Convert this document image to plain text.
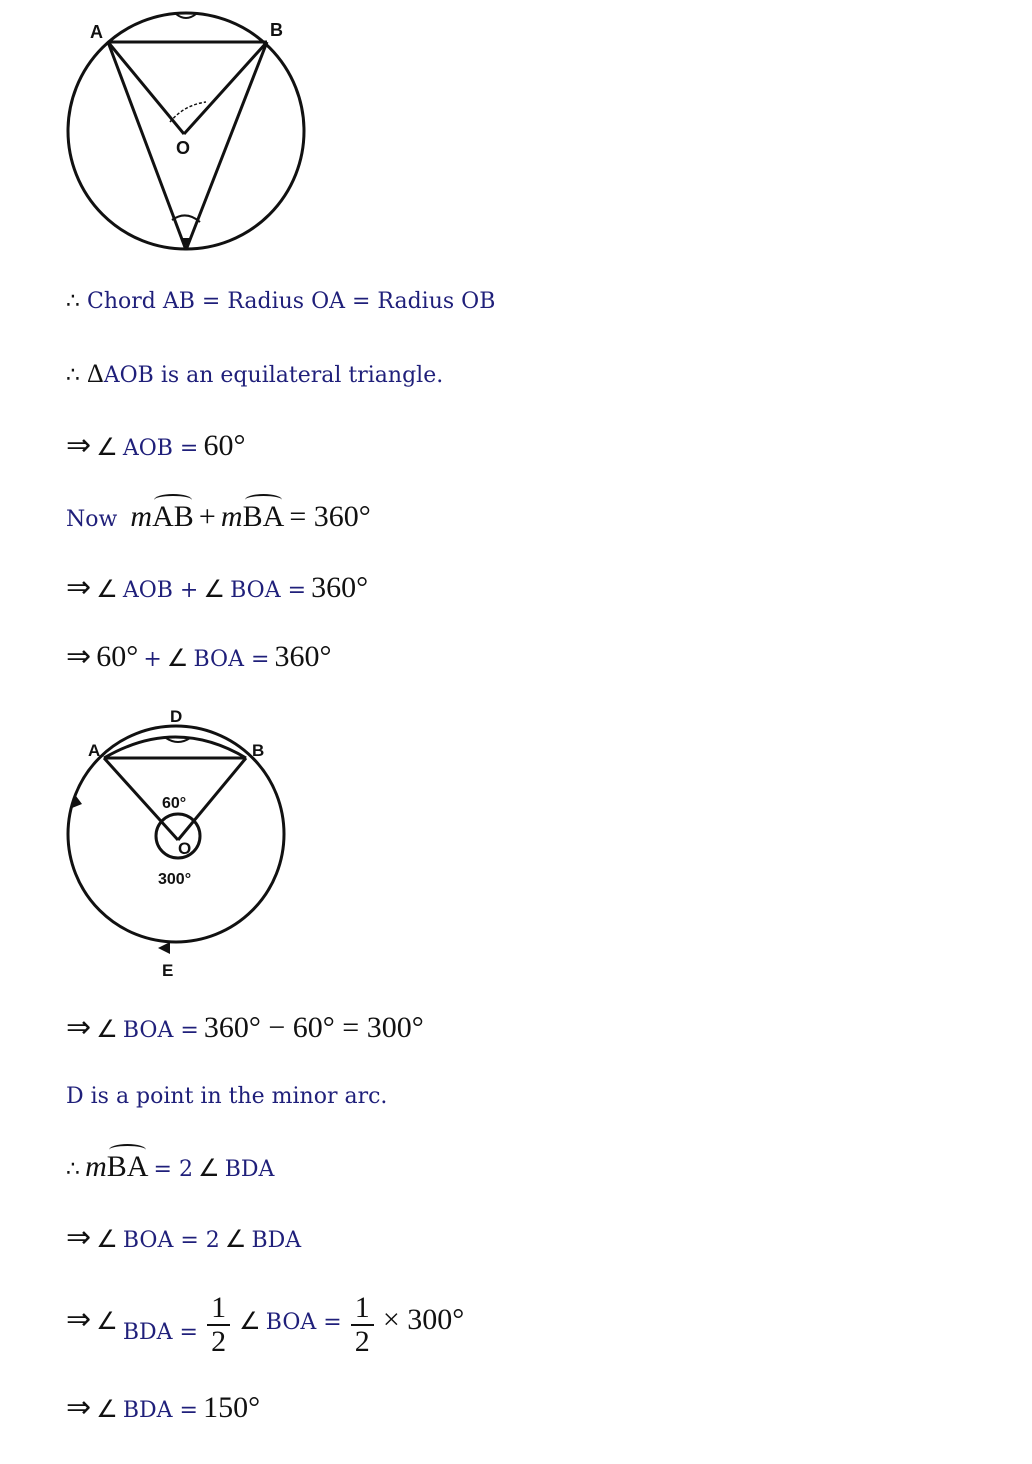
A	B
O
∴ Chord AB = Radius OA = Radius OB
∴ ΔAOB is an equilateral triangle.
⇒ ∠ AOB = 60°
Now mAB + mBA = 360°
⇒ ∠ AOB + ∠ BOA = 360°
⇒ 60° + ∠ BOA = 360°
D
A	B
60°
O
300°
E
⇒ ∠ BOA = 360° − 60° = 300°
D is a point in the minor arc.
∴ mBA = 2 ∠ BDA
⇒ ∠ BOA = 2 ∠ BDA
⇒ ∠ BDA = $\frac{1}{2}$ ∠ BOA = $\frac{1}{2} \times 300^\circ$
⇒ ∠ BDA = 150°
